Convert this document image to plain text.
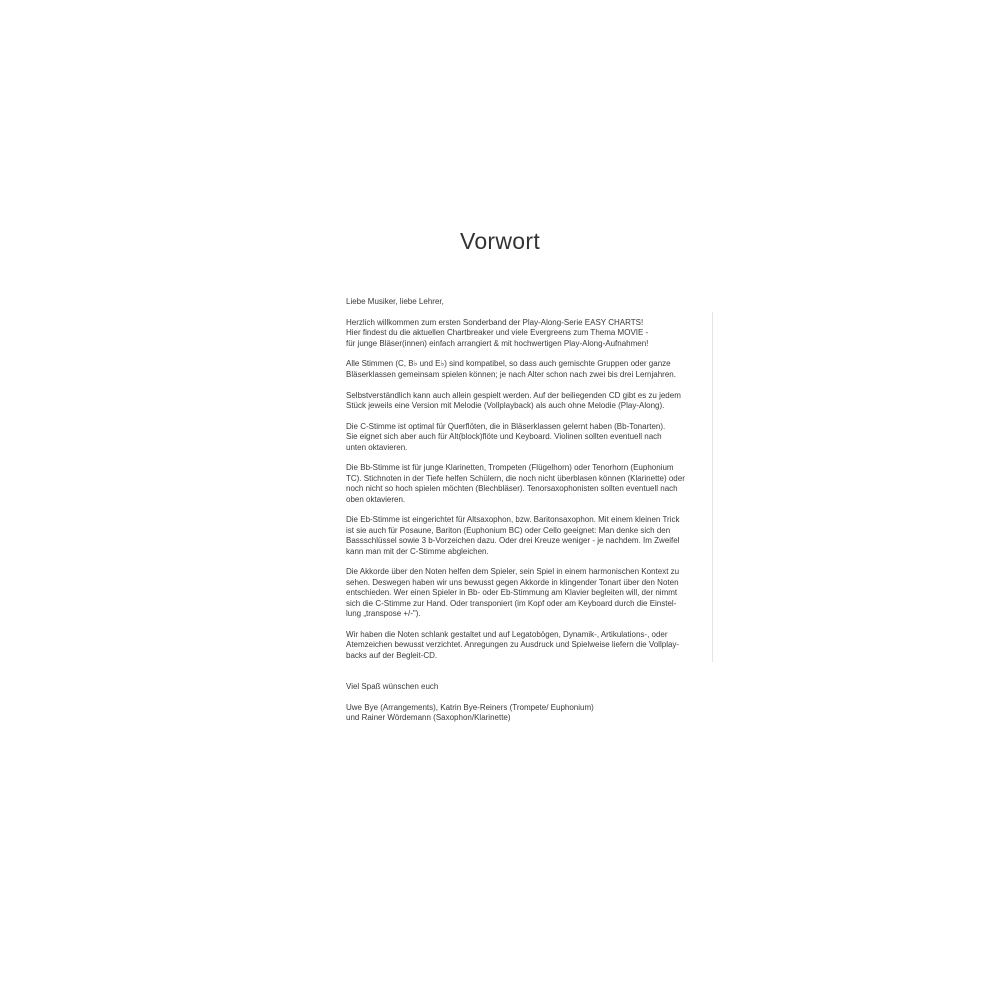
Vorwort

Liebe Musiker, liebe Lehrer,

Herzlich willkommen zum ersten Sonderband der Play-Along-Serie EASY CHARTS!
Hier findest du die aktuellen Chartbreaker und viele Evergreens zum Thema MOVIE -
für junge Bläser(innen) einfach arrangiert & mit hochwertigen Play-Along-Aufnahmen!

Alle Stimmen (C, B♭ und E♭) sind kompatibel, so dass auch gemischte Gruppen oder ganze
Bläserklassen gemeinsam spielen können; je nach Alter schon nach zwei bis drei Lernjahren.

Selbstverständlich kann auch allein gespielt werden. Auf der beiliegenden CD gibt es zu jedem
Stück jeweils eine Version mit Melodie (Vollplayback) als auch ohne Melodie (Play-Along).

Die C-Stimme ist optimal für Querflöten, die in Bläserklassen gelernt haben (Bb-Tonarten).
Sie eignet sich aber auch für Alt(block)flöte und Keyboard. Violinen sollten eventuell nach
unten oktavieren.

Die Bb-Stimme ist für junge Klarinetten, Trompeten (Flügelhorn) oder Tenorhorn (Euphonium
TC). Stichnoten in der Tiefe helfen Schülern, die noch nicht überblasen können (Klarinette) oder
noch nicht so hoch spielen möchten (Blechbläser). Tenorsaxophonisten sollten eventuell nach
oben oktavieren.

Die Eb-Stimme ist eingerichtet für Altsaxophon, bzw. Baritonsaxophon. Mit einem kleinen Trick
ist sie auch für Posaune, Bariton (Euphonium BC) oder Cello geeignet: Man denke sich den
Bassschlüssel sowie 3 b-Vorzeichen dazu. Oder drei Kreuze weniger - je nachdem. Im Zweifel
kann man mit der C-Stimme abgleichen.

Die Akkorde über den Noten helfen dem Spieler, sein Spiel in einem harmonischen Kontext zu
sehen. Deswegen haben wir uns bewusst gegen Akkorde in klingender Tonart über den Noten
entschieden. Wer einen Spieler in Bb- oder Eb-Stimmung am Klavier begleiten will, der nimmt
sich die C-Stimme zur Hand. Oder transponiert (im Kopf oder am Keyboard durch die Einstel-
lung „transpose +/-").

Wir haben die Noten schlank gestaltet und auf Legatobögen, Dynamik-, Artikulations-, oder
Atemzeichen bewusst verzichtet. Anregungen zu Ausdruck und Spielweise liefern die Vollplay-
backs auf der Begleit-CD.

Viel Spaß wünschen euch

Uwe Bye (Arrangements), Katrin Bye-Reiners (Trompete/ Euphonium)
und Rainer Wördemann (Saxophon/Klarinette)
